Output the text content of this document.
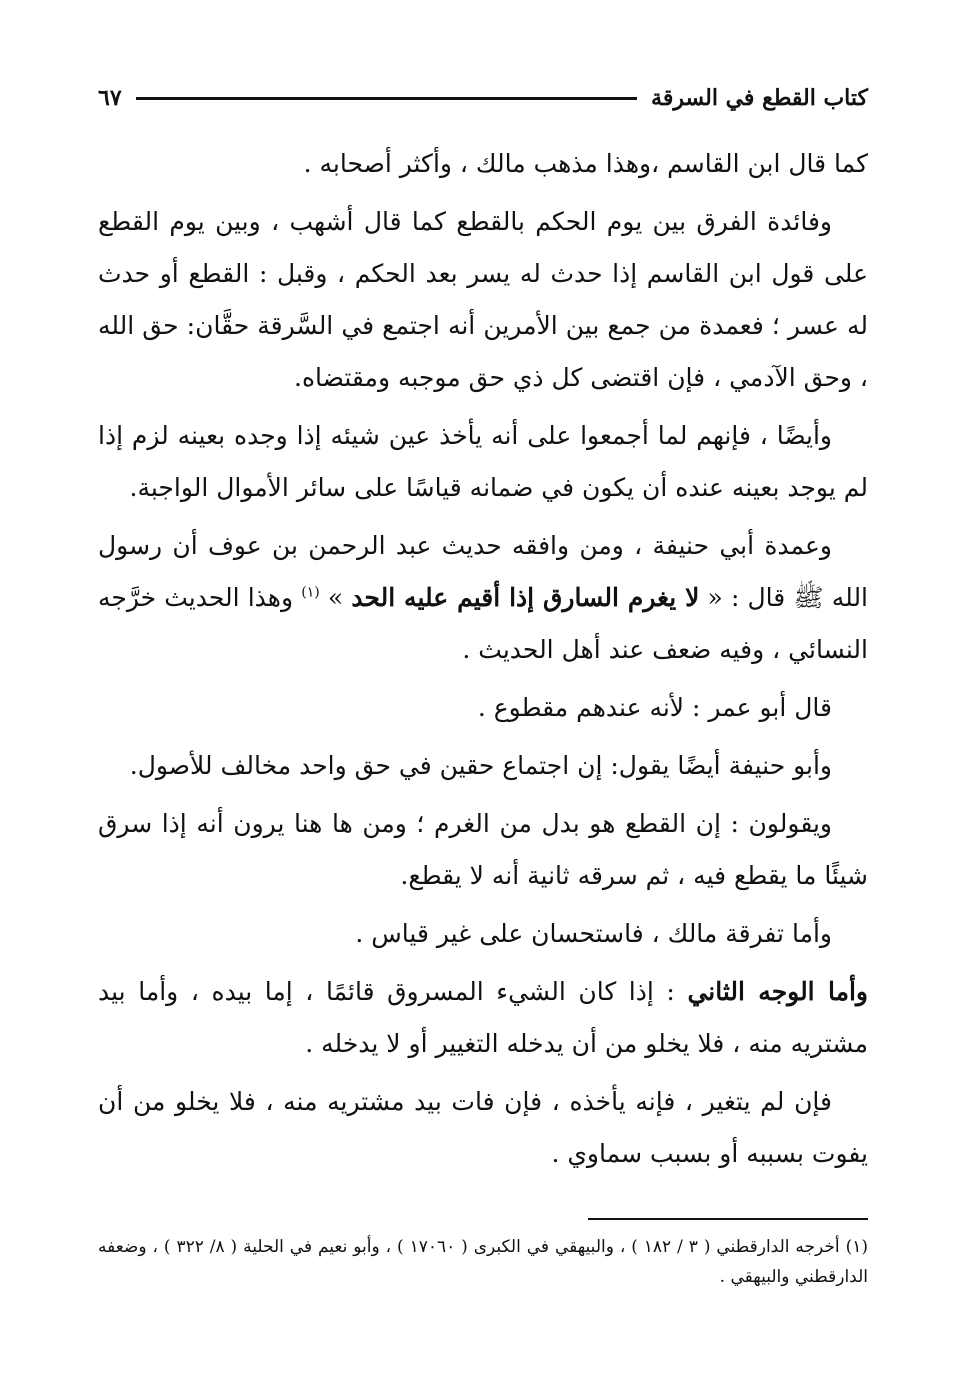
كتاب القطع في السرقة
٦٧

كما قال ابن القاسم ،وهذا مذهب مالك ، وأكثر أصحابه .

وفائدة الفرق بين يوم الحكم بالقطع كما قال أشهب ، وبين يوم القطع على قول ابن القاسم إذا حدث له يسر بعد الحكم ، وقبل : القطع أو حدث له عسر ؛ فعمدة من جمع بين الأمرين أنه اجتمع في السَّرقة حقَّان: حق الله ، وحق الآدمي ، فإن اقتضى كل ذي حق موجبه ومقتضاه.

وأيضًا ، فإنهم لما أجمعوا على أنه يأخذ عين شيئه إذا وجده بعينه لزم إذا لم يوجد بعينه عنده أن يكون في ضمانه قياسًا على سائر الأموال الواجبة.

وعمدة أبي حنيفة ، ومن وافقه حديث عبد الرحمن بن عوف أن رسول الله ﷺ قال : « لا يغرم السارق إذا أقيم عليه الحد » $^{(١)}$ وهذا الحديث خرَّجه النسائي ، وفيه ضعف عند أهل الحديث .

قال أبو عمر : لأنه عندهم مقطوع .

وأبو حنيفة أيضًا يقول: إن اجتماع حقين في حق واحد مخالف للأصول.

ويقولون : إن القطع هو بدل من الغرم ؛ ومن ها هنا يرون أنه إذا سرق شيئًا ما يقطع فيه ، ثم سرقه ثانية أنه لا يقطع.

وأما تفرقة مالك ، فاستحسان على غير قياس .

وأما الوجه الثاني : إذا كان الشيء المسروق قائمًا ، إما بيده ، وأما بيد مشتريه منه ، فلا يخلو من أن يدخله التغيير أو لا يدخله .

فإن لم يتغير ، فإنه يأخذه ، فإن فات بيد مشتريه منه ، فلا يخلو من أن يفوت بسببه أو بسبب سماوي .

(١) أخرجه الدارقطني ( ٣ / ١٨٢ ) ، والبيهقي في الكبرى ( ١٧٠٦٠ ) ، وأبو نعيم في الحلية ( ٨/ ٣٢٢ ) ، وضعفه الدارقطني والبيهقي .
